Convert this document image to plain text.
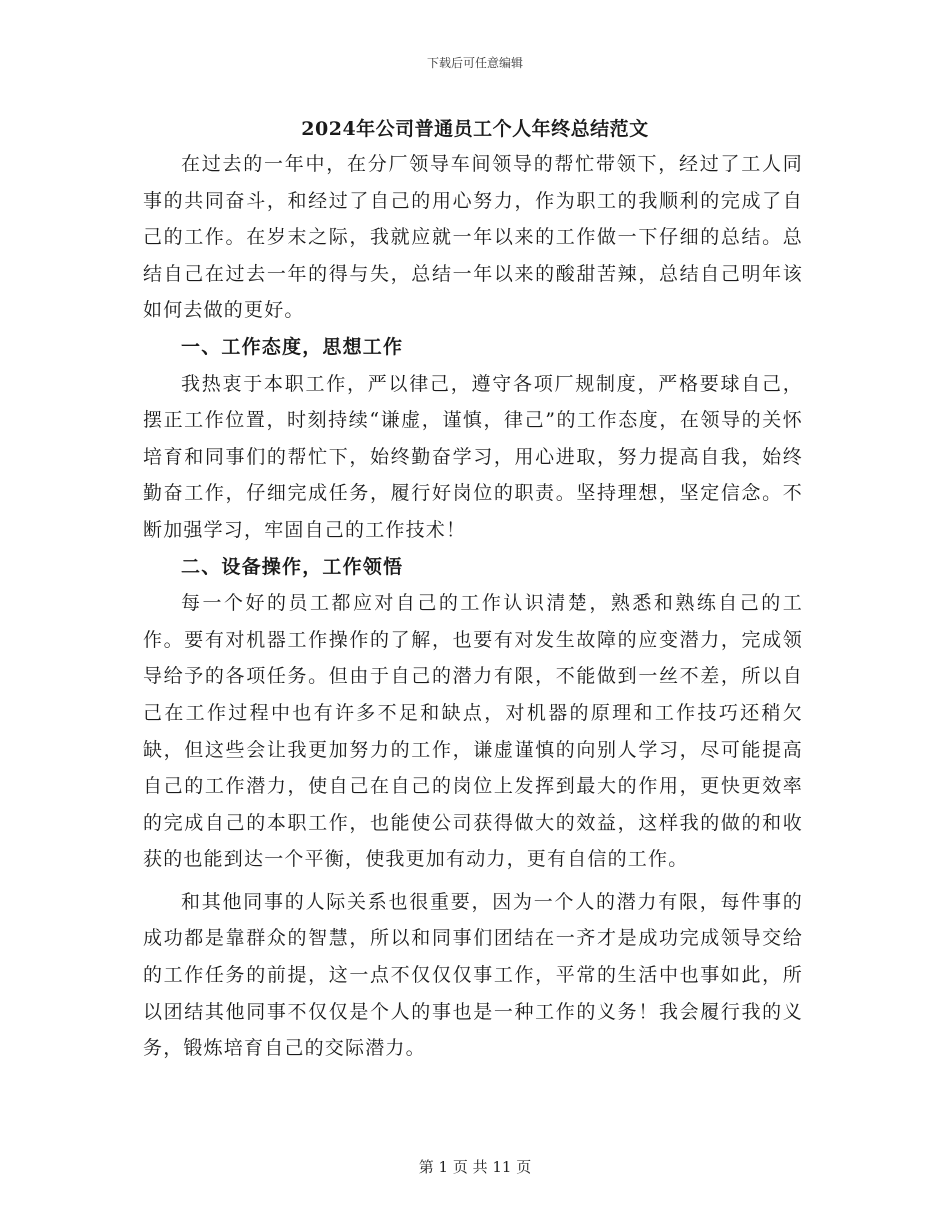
下载后可任意编辑
2024年公司普通员工个人年终总结范文

在过去的一年中，在分厂领导车间领导的帮忙带领下，经过了工人同事的共同奋斗，和经过了自己的用心努力，作为职工的我顺利的完成了自己的工作。在岁末之际，我就应就一年以来的工作做一下仔细的总结。总结自己在过去一年的得与失，总结一年以来的酸甜苦辣，总结自己明年该如何去做的更好。

一、工作态度，思想工作

我热衷于本职工作，严以律己，遵守各项厂规制度，严格要球自己，摆正工作位置，时刻持续“谦虚，谨慎，律己”的工作态度，在领导的关怀培育和同事们的帮忙下，始终勤奋学习，用心进取，努力提高自我，始终勤奋工作，仔细完成任务，履行好岗位的职责。坚持理想，坚定信念。不断加强学习，牢固自己的工作技术！

二、设备操作，工作领悟

每一个好的员工都应对自己的工作认识清楚，熟悉和熟练自己的工作。要有对机器工作操作的了解，也要有对发生故障的应变潜力，完成领导给予的各项任务。但由于自己的潜力有限，不能做到一丝不差，所以自己在工作过程中也有许多不足和缺点，对机器的原理和工作技巧还稍欠缺，但这些会让我更加努力的工作，谦虚谨慎的向别人学习，尽可能提高自己的工作潜力，使自己在自己的岗位上发挥到最大的作用，更快更效率的完成自己的本职工作，也能使公司获得做大的效益，这样我的做的和收获的也能到达一个平衡，使我更加有动力，更有自信的工作。

和其他同事的人际关系也很重要，因为一个人的潜力有限，每件事的成功都是靠群众的智慧，所以和同事们团结在一齐才是成功完成领导交给的工作任务的前提，这一点不仅仅仅事工作，平常的生活中也事如此，所以团结其他同事不仅仅是个人的事也是一种工作的义务！我会履行我的义务，锻炼培育自己的交际潜力。

第 1 页 共 11 页
